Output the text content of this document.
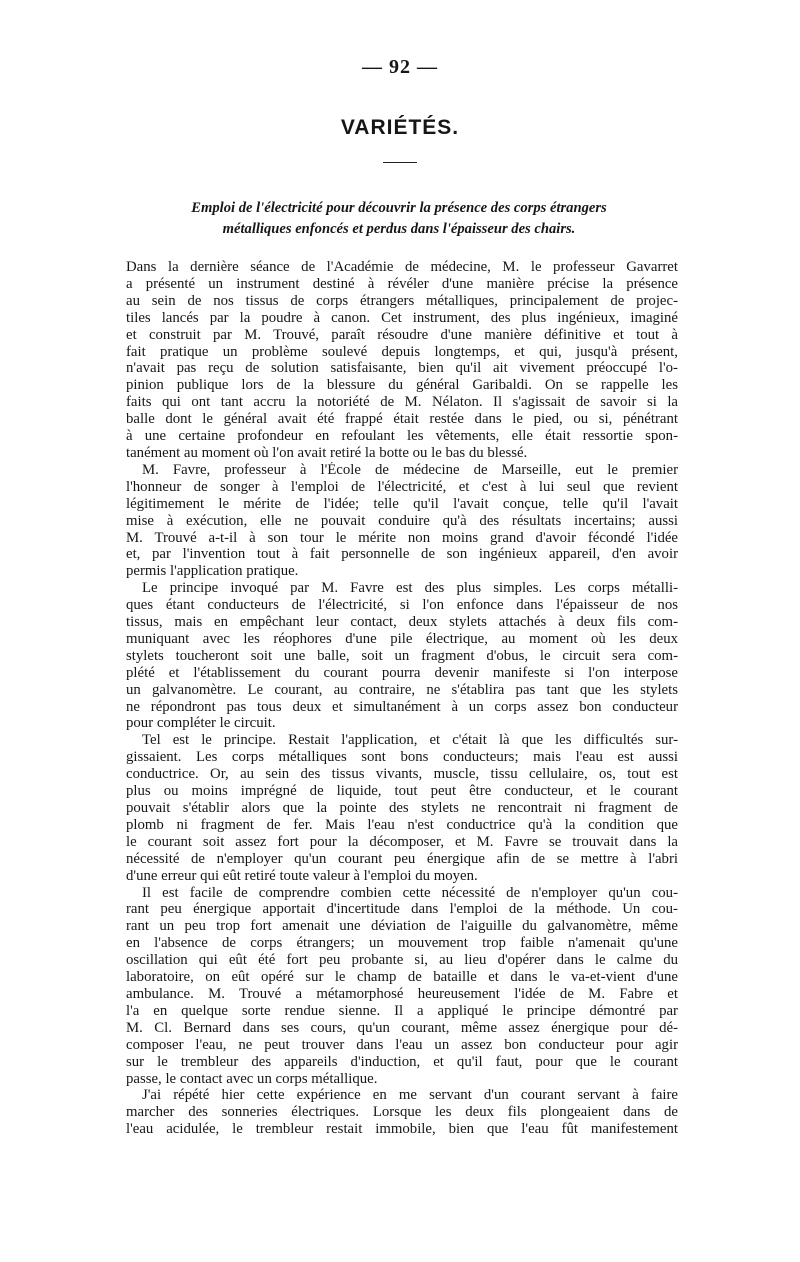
— 92 —
VARIÉTÉS.
Emploi de l'électricité pour découvrir la présence des corps étrangers
métalliques enfoncés et perdus dans l'épaisseur des chairs.
Dans la dernière séance de l'Académie de médecine, M. le professeur Gavarret
a présenté un instrument destiné à révéler d'une manière précise la présence
au sein de nos tissus de corps étrangers métalliques, principalement de projec-
tiles lancés par la poudre à canon. Cet instrument, des plus ingénieux, imaginé
et construit par M. Trouvé, paraît résoudre d'une manière définitive et tout à
fait pratique un problème soulevé depuis longtemps, et qui, jusqu'à présent,
n'avait pas reçu de solution satisfaisante, bien qu'il ait vivement préoccupé l'o-
pinion publique lors de la blessure du général Garibaldi. On se rappelle les
faits qui ont tant accru la notoriété de M. Nélaton. Il s'agissait de savoir si la
balle dont le général avait été frappé était restée dans le pied, ou si, pénétrant
à une certaine profondeur en refoulant les vêtements, elle était ressortie spon-
tanément au moment où l'on avait retiré la botte ou le bas du blessé.
M. Favre, professeur à l'École de médecine de Marseille, eut le premier
l'honneur de songer à l'emploi de l'électricité, et c'est à lui seul que revient
légitimement le mérite de l'idée; telle qu'il l'avait conçue, telle qu'il l'avait
mise à exécution, elle ne pouvait conduire qu'à des résultats incertains; aussi
M. Trouvé a-t-il à son tour le mérite non moins grand d'avoir fécondé l'idée
et, par l'invention tout à fait personnelle de son ingénieux appareil, d'en avoir
permis l'application pratique.
Le principe invoqué par M. Favre est des plus simples. Les corps métalli-
ques étant conducteurs de l'électricité, si l'on enfonce dans l'épaisseur de nos
tissus, mais en empêchant leur contact, deux stylets attachés à deux fils com-
muniquant avec les réophores d'une pile électrique, au moment où les deux
stylets toucheront soit une balle, soit un fragment d'obus, le circuit sera com-
plété et l'établissement du courant pourra devenir manifeste si l'on interpose
un galvanomètre. Le courant, au contraire, ne s'établira pas tant que les stylets
ne répondront pas tous deux et simultanément à un corps assez bon conducteur
pour compléter le circuit.
Tel est le principe. Restait l'application, et c'était là que les difficultés sur-
gissaient. Les corps métalliques sont bons conducteurs; mais l'eau est aussi
conductrice. Or, au sein des tissus vivants, muscle, tissu cellulaire, os, tout est
plus ou moins imprégné de liquide, tout peut être conducteur, et le courant
pouvait s'établir alors que la pointe des stylets ne rencontrait ni fragment de
plomb ni fragment de fer. Mais l'eau n'est conductrice qu'à la condition que
le courant soit assez fort pour la décomposer, et M. Favre se trouvait dans la
nécessité de n'employer qu'un courant peu énergique afin de se mettre à l'abri
d'une erreur qui eût retiré toute valeur à l'emploi du moyen.
Il est facile de comprendre combien cette nécessité de n'employer qu'un cou-
rant peu énergique apportait d'incertitude dans l'emploi de la méthode. Un cou-
rant un peu trop fort amenait une déviation de l'aiguille du galvanomètre, même
en l'absence de corps étrangers; un mouvement trop faible n'amenait qu'une
oscillation qui eût été fort peu probante si, au lieu d'opérer dans le calme du
laboratoire, on eût opéré sur le champ de bataille et dans le va-et-vient d'une
ambulance. M. Trouvé a métamorphosé heureusement l'idée de M. Fabre et
l'a en quelque sorte rendue sienne. Il a appliqué le principe démontré par
M. Cl. Bernard dans ses cours, qu'un courant, même assez énergique pour dé-
composer l'eau, ne peut trouver dans l'eau un assez bon conducteur pour agir
sur le trembleur des appareils d'induction, et qu'il faut, pour que le courant
passe, le contact avec un corps métallique.
J'ai répété hier cette expérience en me servant d'un courant servant à faire
marcher des sonneries électriques. Lorsque les deux fils plongeaient dans de
l'eau acidulée, le trembleur restait immobile, bien que l'eau fût manifestement
